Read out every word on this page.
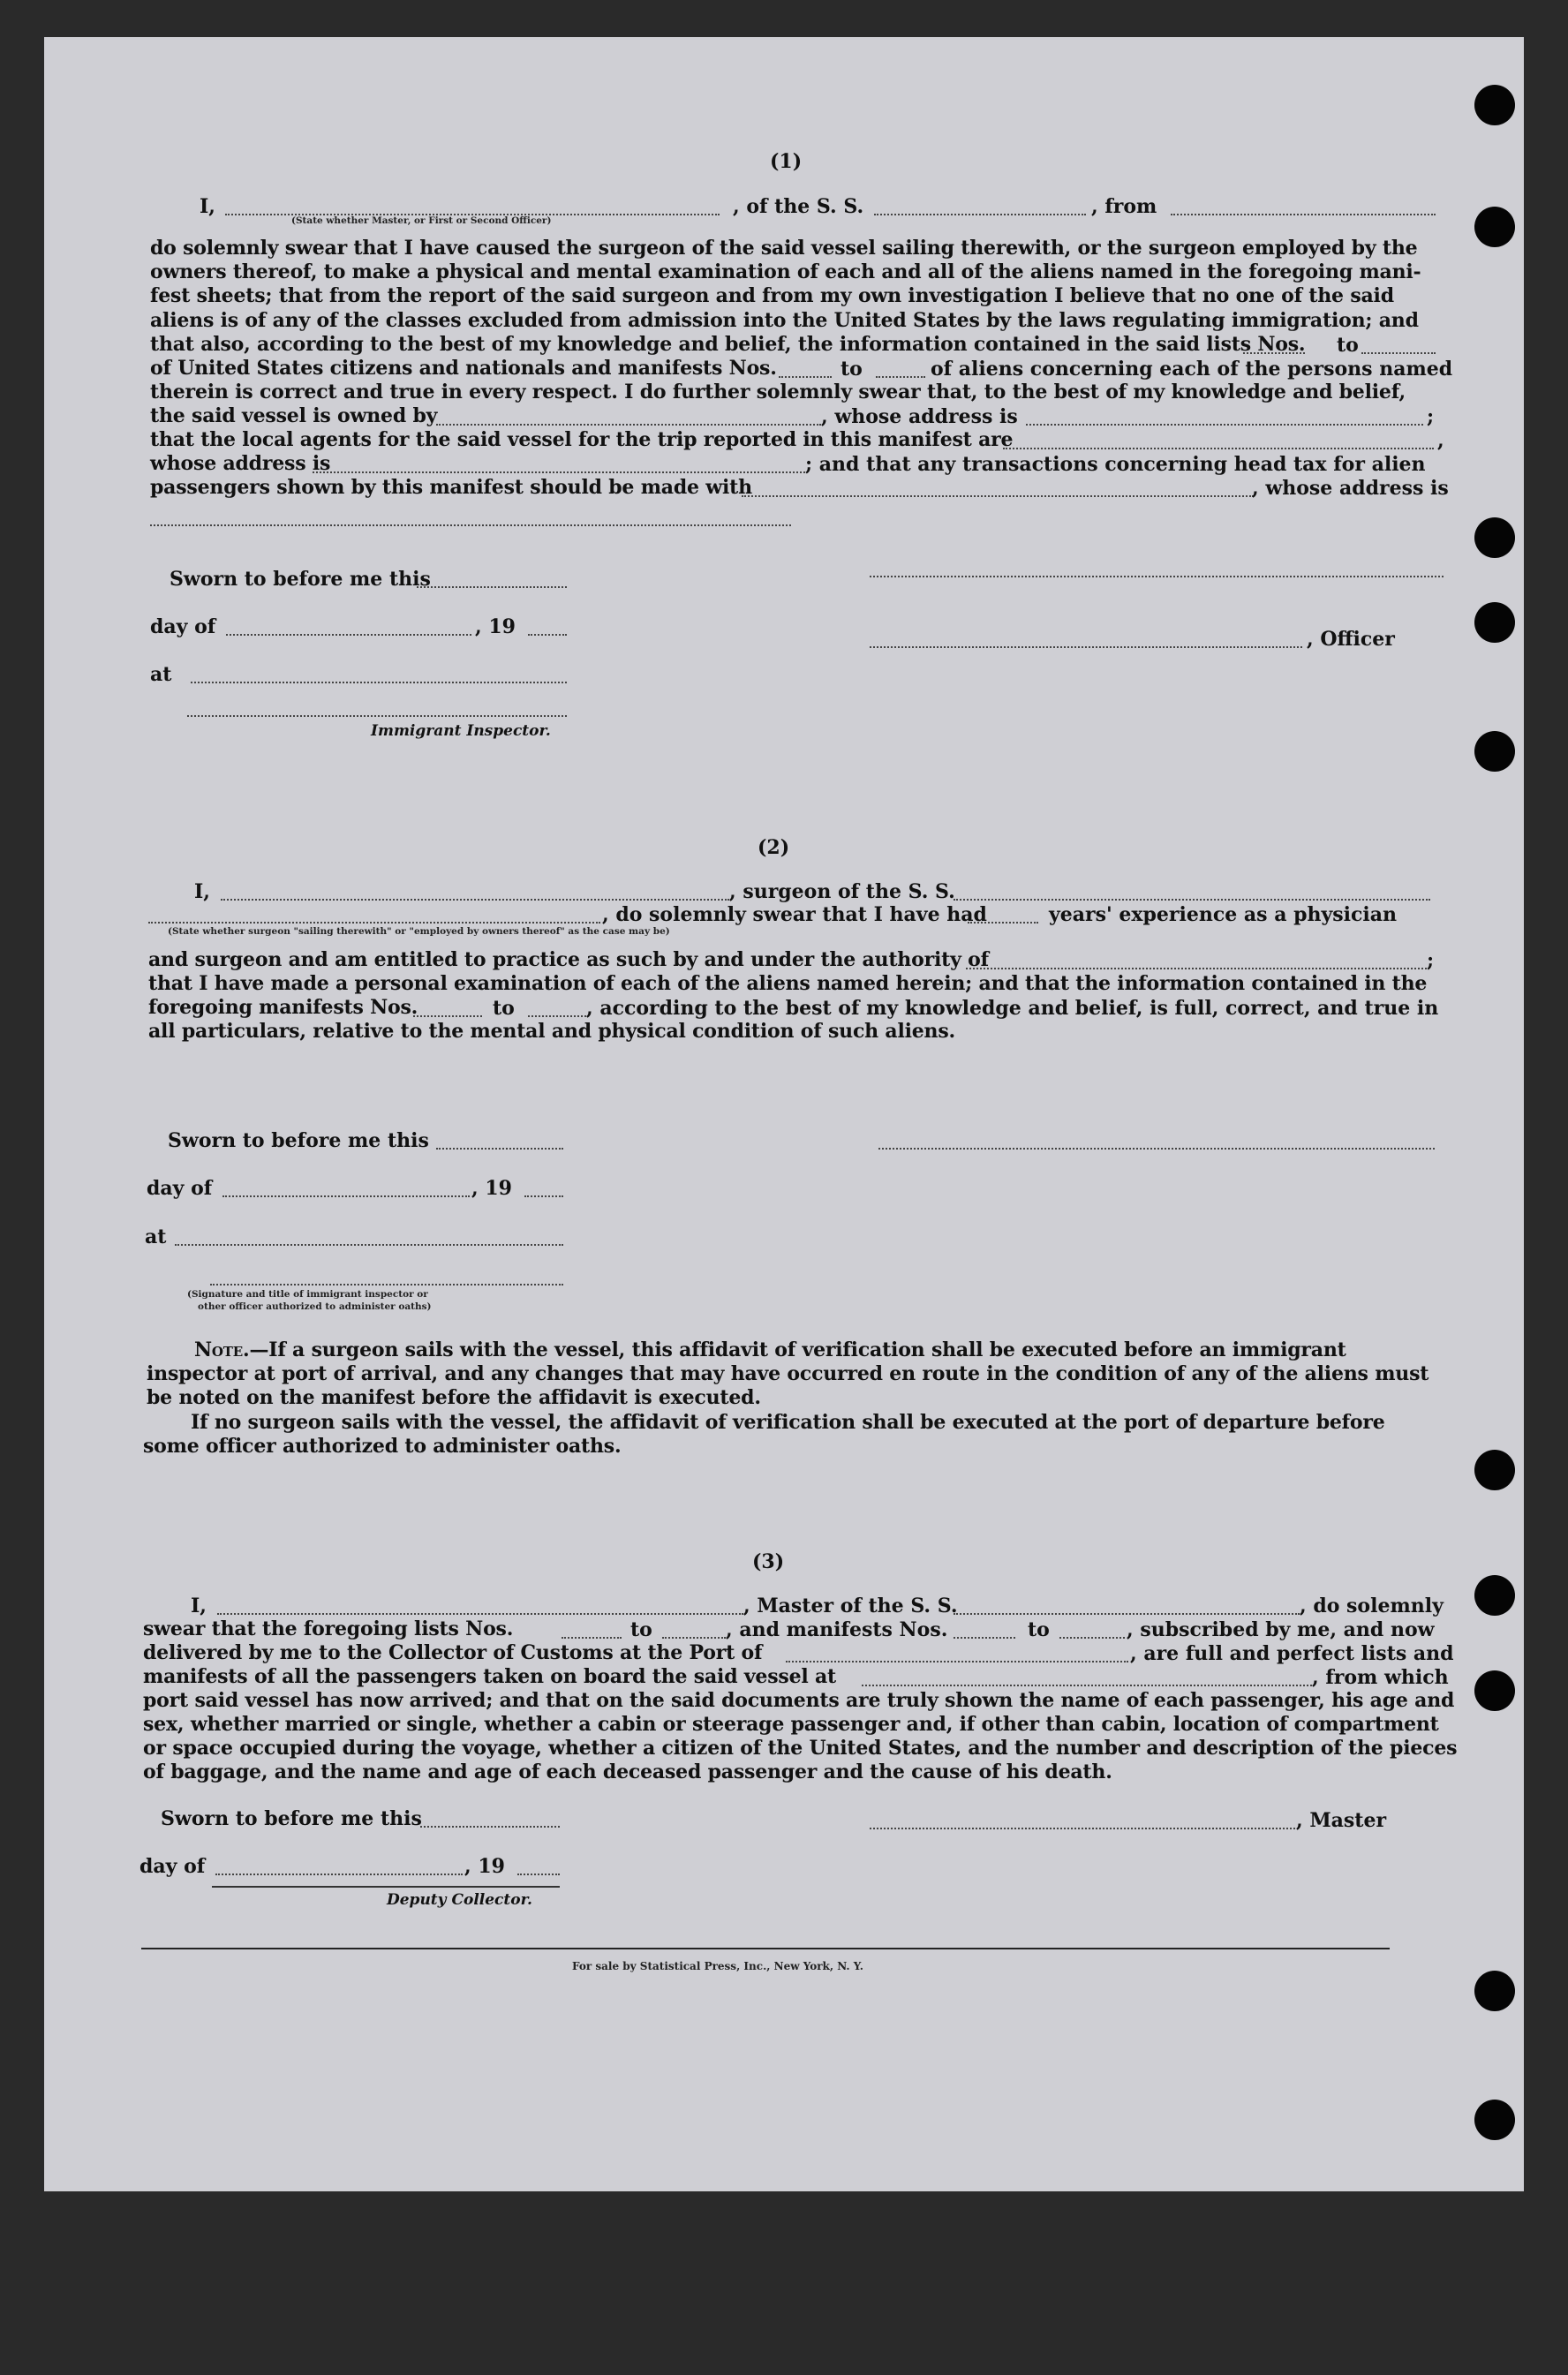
(1)
I,	, of the S. S.	, from
(State whether Master, or First or Second Officer)
do solemnly swear that I have caused the surgeon of the said vessel sailing therewith, or the surgeon employed by the
owners thereof, to make a physical and mental examination of each and all of the aliens named in the foregoing mani-
fest sheets; that from the report of the said surgeon and from my own investigation I believe that no one of the said
aliens is of any of the classes excluded from admission into the United States by the laws regulating immigration; and
that also, according to the best of my knowledge and belief, the information contained in the said lists Nos. to
of United States citizens and nationals and manifests Nos.	to	of aliens concerning each of the persons named
therein is correct and true in every respect. I do further solemnly swear that, to the best of my knowledge and belief,
the said vessel is owned by	, whose address is	;
that the local agents for the said vessel for the trip reported in this manifest are	,
whose address is	; and that any transactions concerning head tax for alien
passengers shown by this manifest should be made with	, whose address is
Sworn to before me this
day of	, 19
, Officer
at
Immigrant Inspector.
(2)
I,	, surgeon of the S. S.
, do solemnly swear that I have had	years' experience as a physician
(State whether surgeon "sailing therewith" or "employed by owners thereof" as the case may be)
and surgeon and am entitled to practice as such by and under the authority of	;
that I have made a personal examination of each of the aliens named herein; and that the information contained in the
foregoing manifests Nos.	to	, according to the best of my knowledge and belief, is full, correct, and true in
all particulars, relative to the mental and physical condition of such aliens.
Sworn to before me this
day of	, 19
at
(Signature and title of immigrant inspector or
other officer authorized to administer oaths)
Note.—If a surgeon sails with the vessel, this affidavit of verification shall be executed before an immigrant
inspector at port of arrival, and any changes that may have occurred en route in the condition of any of the aliens must
be noted on the manifest before the affidavit is executed.
If no surgeon sails with the vessel, the affidavit of verification shall be executed at the port of departure before
some officer authorized to administer oaths.
(3)
I,	, Master of the S. S.	, do solemnly
swear that the foregoing lists Nos.	to	, and manifests Nos.	to	, subscribed by me, and now
delivered by me to the Collector of Customs at the Port of	, are full and perfect lists and
manifests of all the passengers taken on board the said vessel at	, from which
port said vessel has now arrived; and that on the said documents are truly shown the name of each passenger, his age and
sex, whether married or single, whether a cabin or steerage passenger and, if other than cabin, location of compartment
or space occupied during the voyage, whether a citizen of the United States, and the number and description of the pieces
of baggage, and the name and age of each deceased passenger and the cause of his death.
Sworn to before me this	, Master
day of	, 19
Deputy Collector.
For sale by Statistical Press, Inc., New York, N. Y.
